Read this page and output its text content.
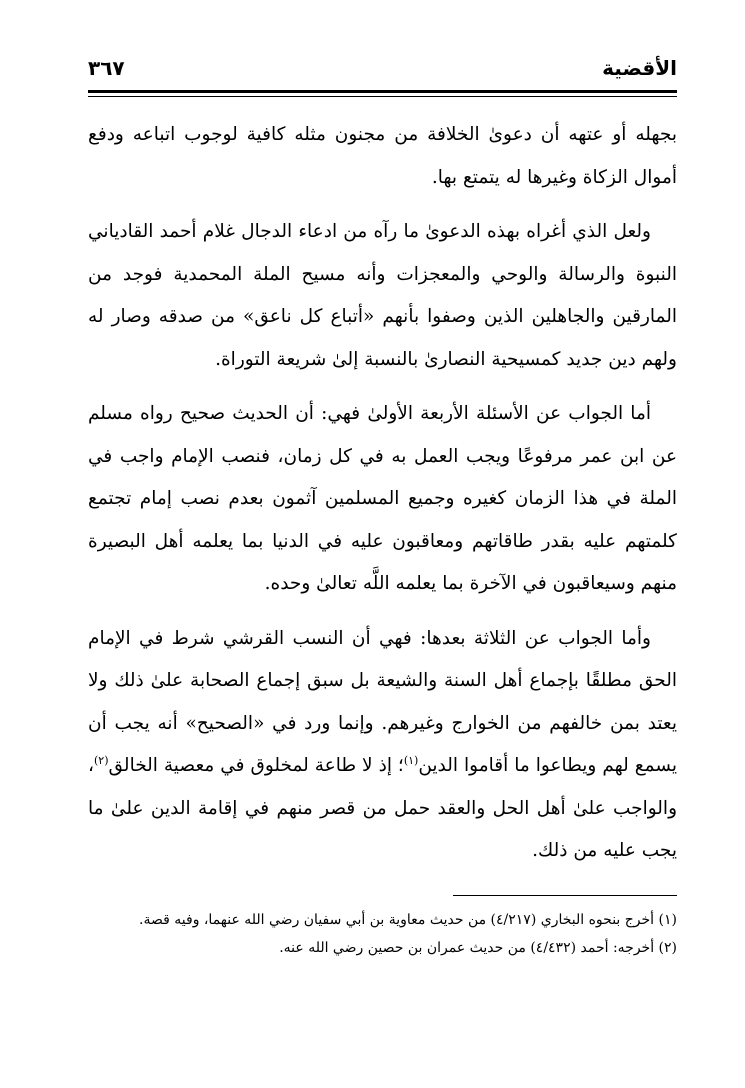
الأقضية
٣٦٧

بجهله أو عتهه أن دعوىٰ الخلافة من مجنون مثله كافية لوجوب اتباعه ودفع أموال الزكاة وغيرها له يتمتع بها.

ولعل الذي أغراه بهذه الدعوىٰ ما رآه من ادعاء الدجال غلام أحمد القادياني النبوة والرسالة والوحي والمعجزات وأنه مسيح الملة المحمدية فوجد من المارقين والجاهلين الذين وصفوا بأنهم «أتباع كل ناعق» من صدقه وصار له ولهم دين جديد كمسيحية النصارىٰ بالنسبة إلىٰ شريعة التوراة.

أما الجواب عن الأسئلة الأربعة الأولىٰ فهي: أن الحديث صحيح رواه مسلم عن ابن عمر مرفوعًا ويجب العمل به في كل زمان، فنصب الإمام واجب في الملة في هذا الزمان كغيره وجميع المسلمين آثمون بعدم نصب إمام تجتمع كلمتهم عليه بقدر طاقاتهم ومعاقبون عليه في الدنيا بما يعلمه أهل البصيرة منهم وسيعاقبون في الآخرة بما يعلمه اللَّه تعالىٰ وحده.

وأما الجواب عن الثلاثة بعدها: فهي أن النسب القرشي شرط في الإمام الحق مطلقًا بإجماع أهل السنة والشيعة بل سبق إجماع الصحابة علىٰ ذلك ولا يعتد بمن خالفهم من الخوارج وغيرهم. وإنما ورد في «الصحيح» أنه يجب أن يسمع لهم ويطاعوا ما أقاموا الدين$^{(١)}$؛ إذ لا طاعة لمخلوق في معصية الخالق$^{(٢)}$، والواجب علىٰ أهل الحل والعقد حمل من قصر منهم في إقامة الدين علىٰ ما يجب عليه من ذلك.

(١) أخرج بنحوه البخاري (٤/٢١٧) من حديث معاوية بن أبي سفيان رضي الله عنهما، وفيه قصة.

(٢) أخرجه: أحمد (٤/٤٣٢) من حديث عمران بن حصين رضي الله عنه.
